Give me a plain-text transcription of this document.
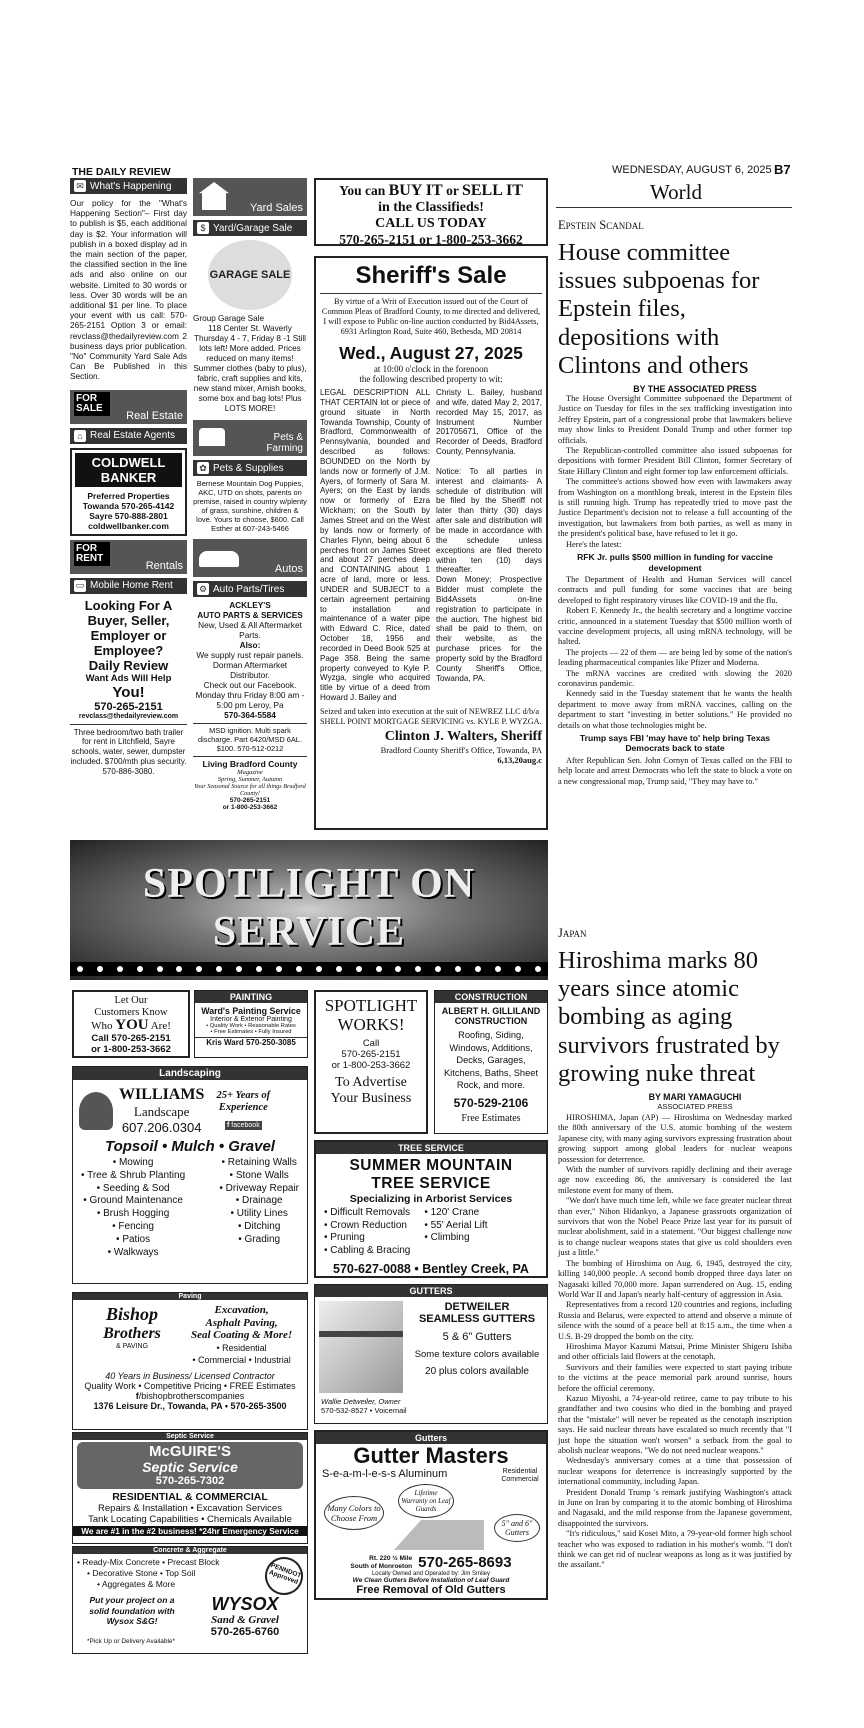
THE DAILY REVIEW	WEDNESDAY, AUGUST 6, 2025 B7
World
✉ What's Happening
Our policy for the "What's Happening Section"– First day to publish is $5, each additional day is $2. Your information will publish in a boxed display ad in the main section of the paper, the classified section in the line ads and also online on our website. Limited to 30 words or less. Over 30 words will be an additional $1 per line. To place your event with us call: 570-265-2151 Option 3 or email: revclass@thedailyreview.com 2 business days prior publication. "No" Community Yard Sale Ads Can Be Published in this Section.
FOR SALE
Real Estate
⌂ Real Estate Agents
COLDWELL
BANKER
Preferred Properties
Towanda 570-265-4142
Sayre 570-888-2801
coldwellbanker.com
FOR RENT
Rentals
▭ Mobile Home Rent
Looking For A
Buyer, Seller,
Employer or
Employee?
Daily Review
Want Ads Will Help
You!
570-265-2151
revclass@thedailyreview.com
Three bedroom/two bath trailer for rent in Litchfield, Sayre schools, water, sewer, dumpster included. $700/mth plus security. 570-886-3080.
Yard Sales
$ Yard/Garage Sale
GARAGE SALE
Group Garage Sale
118 Center St. Waverly Thursday 4 - 7, Friday 8 -1 Still lots left! More added. Prices reduced on many items! Summer clothes (baby to plus), fabric, craft supplies and kits, new stand mixer, Amish books, some box and bag lots! Plus LOTS MORE!
Pets & Farming
✿ Pets & Supplies
Bernese Mountain Dog Puppies, AKC, UTD on shots, parents on premise, raised in country w/plenty of grass, sunshine, children & love. Yours to choose, $600. Call Esther at 607-243-5466
Autos
⚙ Auto Parts/Tires
ACKLEY'S
AUTO PARTS & SERVICES
New, Used & All Aftermarket Parts.
Also:
We supply rust repair panels. Dorman Aftermarket Distributor.
Check out our Facebook. Monday thru Friday 8:00 am - 5:00 pm Leroy, Pa
570-364-5584
MSD ignition. Multi spark discharge. Part 6420/MSD 6AL. $100. 570-512-0212
Living Bradford County
Magazine
Spring, Summer, Autumn
Your Seasonal Source for all things Bradford County!
570-265-2151
or 1-800-253-3662
You can BUY IT or SELL IT
in the Classifieds!
CALL US TODAY
570-265-2151 or 1-800-253-3662
Sheriff's Sale
By virtue of a Writ of Execution issued out of the Court of Common Pleas of Bradford County, to me directed and delivered, I will expose to Public on-line auction conducted by Bid4Assets, 6931 Arlington Road, Suite 460, Bethesda, MD 20814
Wed., August 27, 2025
at 10:00 o'clock in the forenoon
the following described property to wit:
LEGAL DESCRIPTION ALL THAT CERTAIN lot or piece of ground situate in North Towanda Township, County of Bradford, Commonwealth of Pennsylvania, bounded and described as follows: BOUNDED on the North by lands now or formerly of J.M. Ayers, of formerly of Sara M. Ayers; on the East by lands now or formerly of Ezra Wickham; on the South by James Street and on the West by lands now or formerly of Charles Flynn, being about 6 perches front on James Street and about 27 perches deep and CONTAINING about 1 acre of land, more or less. UNDER and SUBJECT to a certain agreement pertaining to installation and maintenance of a water pipe with Edward C. Rice, dated October 18, 1956 and recorded in Deed Book 525 at Page 358. Being the same property conveyed to Kyle P. Wyzga, single who acquired title by virtue of a deed from Howard J. Bailey and
Christy L. Bailey, husband and wife, dated May 2, 2017, recorded May 15, 2017, as Instrument Number 201705671, Office of the Recorder of Deeds, Bradford County, Pennsylvania.
Notice: To all parties in interest and claimants- A schedule of distribution will be filed by the Sheriff not later than thirty (30) days after sale and distribution will be made in accordance with the schedule unless exceptions are filed thereto within ten (10) days thereafter.
Down Money: Prospective Bidder must complete the Bid4Assets on-line registration to participate in the auction. The highest bid shall be paid to them, on their website, as the purchase prices for the property sold by the Bradford County Sheriff's Office, Towanda, PA.
Seized and taken into execution at the suit of NEWREZ LLC d/b/a SHELL POINT MORTGAGE SERVICING vs. KYLE P. WYZGA.
Clinton J. Walters, Sheriff
Bradford County Sheriff's Office, Towanda, PA
6,13,20aug.c
SPOTLIGHT ON SERVICE
Let Our
Customers Know
Who YOU Are!
Call 570-265-2151
or 1-800-253-3662
PAINTING
Ward's Painting Service
Interior & Exterior Painting
• Quality Work • Reasonable Rates
• Free Estimates • Fully Insured
Kris Ward 570-250-3085
SPOTLIGHT
WORKS!
Call
570-265-2151
or 1-800-253-3662
To Advertise
Your Business
CONSTRUCTION
ALBERT H. GILLILAND
CONSTRUCTION
Roofing, Siding, Windows, Additions, Decks, Garages, Kitchens, Baths, Sheet Rock, and more.
570-529-2106
Free Estimates
Landscaping
WILLIAMS
Landscape
607.206.0304
25+ Years of Experience
f facebook
Topsoil • Mulch • Gravel
• Mowing
• Tree & Shrub Planting
• Seeding & Sod
• Ground Maintenance
• Brush Hogging
• Fencing
• Patios
• Walkways
• Retaining Walls
• Stone Walls
• Driveway Repair
• Drainage
• Utility Lines
• Ditching
• Grading
TREE SERVICE
SUMMER MOUNTAIN
TREE SERVICE
Specializing in Arborist Services
• Difficult Removals
• Crown Reduction
• Pruning
• Cabling & Bracing
• 120' Crane
• 55' Aerial Lift
• Climbing
570-627-0088 • Bentley Creek, PA
Paving
Bishop
Brothers
& PAVING
Excavation,
Asphalt Paving,
Seal Coating & More!
• Residential
• Commercial • Industrial
40 Years in Business/ Licensed Contractor
Quality Work • Competitive Pricing • FREE Estimates
f/bishopbrotherscompanies
1376 Leisure Dr., Towanda, PA • 570-265-3500
GUTTERS
DETWEILER
SEAMLESS GUTTERS
5 & 6" Gutters
Some texture colors available
20 plus colors available
Wallie Detweiler, Owner
570-532-8527 • Voicemail
Septic Service
McGUIRE'S
Septic Service
570-265-7302
RESIDENTIAL & COMMERCIAL
Repairs & Installation • Excavation Services
Tank Locating Capabilities • Chemicals Available
We are #1 in the #2 business! *24hr Emergency Service
Gutters
Gutter Masters
S-e-a-m-l-e-s-s Aluminum	Residential Commercial
Many Colors to Choose From
Lifetime Warranty on Leaf Guards
5" and 6" Gutters
Rt. 220 ½ Mile
South of Monroeton 570-265-8693
Locally Owned and Operated by: Jim Smiley
We Clean Gutters Before Installation of Leaf Guard
Free Removal of Old Gutters
Concrete & Aggregate
• Ready-Mix Concrete • Precast Block
• Decorative Stone • Top Soil
• Aggregates & More
PENNDOT Approved
Put your project on a
solid foundation with
Wysox S&G!
WYSOX
Sand & Gravel
570-265-6760
*Pick Up or Delivery Available*
Epstein Scandal
House committee issues subpoenas for Epstein files, depositions with Clintons and others
BY THE ASSOCIATED PRESS

The House Oversight Committee subpoenaed the Department of Justice on Tuesday for files in the sex trafficking investigation into Jeffrey Epstein, part of a congressional probe that lawmakers believe may show links to President Donald Trump and other former top officials.

The Republican-controlled committee also issued subpoenas for depositions with former President Bill Clinton, former Secretary of State Hillary Clinton and eight former top law enforcement officials.

The committee's actions showed how even with lawmakers away from Washington on a monthlong break, interest in the Epstein files is still running high. Trump has repeatedly tried to move past the Justice Department's decision not to release a full accounting of the investigation, but lawmakers from both parties, as well as many in the president's political base, have refused to let it go.

Here's the latest:

RFK Jr. pulls $500 million in funding for vaccine development

The Department of Health and Human Services will cancel contracts and pull funding for some vaccines that are being developed to fight respiratory viruses like COVID-19 and the flu.

Robert F. Kennedy Jr., the health secretary and a longtime vaccine critic, announced in a statement Tuesday that $500 million worth of vaccine development projects, all using mRNA technology, will be halted.

The projects — 22 of them — are being led by some of the nation's leading pharmaceutical companies like Pfizer and Moderna.

The mRNA vaccines are credited with slowing the 2020 coronavirus pandemic.

Kennedy said in the Tuesday statement that he wants the health department to move away from mRNA vaccines, calling on the department to start "investing in better solutions." He provided no details on what those technologies might be.

Trump says FBI 'may have to' help bring Texas Democrats back to state

After Republican Sen. John Cornyn of Texas called on the FBI to help locate and arrest Democrats who left the state to block a vote on a new congressional map, Trump said, "They may have to."

Japan
Hiroshima marks 80 years since atomic bombing as aging survivors frustrated by growing nuke threat
BY MARI YAMAGUCHI
ASSOCIATED PRESS

HIROSHIMA, Japan (AP) — Hiroshima on Wednesday marked the 80th anniversary of the U.S. atomic bombing of the western Japanese city, with many aging survivors expressing frustration about growing support among global leaders for nuclear weapons possession for deterrence.

With the number of survivors rapidly declining and their average age now exceeding 86, the anniversary is considered the last milestone event for many of them.

"We don't have much time left, while we face greater nuclear threat than ever," Nihon Hidankyo, a Japanese grassroots organization of survivors that won the Nobel Peace Prize last year for its pursuit of nuclear abolishment, said in a statement. "Our biggest challenge now is to change nuclear weapons states that give us cold shoulders even just a little."

The bombing of Hiroshima on Aug. 6, 1945, destroyed the city, killing 140,000 people. A second bomb dropped three days later on Nagasaki killed 70,000 more. Japan surrendered on Aug. 15, ending World War II and Japan's nearly half-century of aggression in Asia.

Representatives from a record 120 countries and regions, including Russia and Belarus, were expected to attend and observe a minute of silence with the sound of a peace bell at 8:15 a.m., the time when a U.S. B-29 dropped the bomb on the city.

Hiroshima Mayor Kazumi Matsui, Prime Minister Shigeru Ishiba and other officials laid flowers at the cenotaph.

Survivors and their families were expected to start paying tribute to the victims at the peace memorial park around sunrise, hours before the official ceremony.

Kazuo Miyoshi, a 74-year-old retiree, came to pay tribute to his grandfather and two cousins who died in the bombing and prayed that the "mistake" will never be repeated as the cenotaph inscription says. He said nuclear threats have escalated so much recently that "I just hope the situation won't worsen" a setback from the goal to abolish nuclear weapons. "We do not need nuclear weapons."

Wednesday's anniversary comes at a time that possession of nuclear weapons for deterrence is increasingly supported by the international community, including Japan.

President Donald Trump 's remark justifying Washington's attack in June on Iran by comparing it to the atomic bombing of Hiroshima and Nagasaki, and the mild response from the Japanese government, disappointed the survivors.

"It's ridiculous," said Kosei Mito, a 79-year-old former high school teacher who was exposed to radiation in his mother's womb. "I don't think we can get rid of nuclear weapons as long as it was justified by the assailant."
